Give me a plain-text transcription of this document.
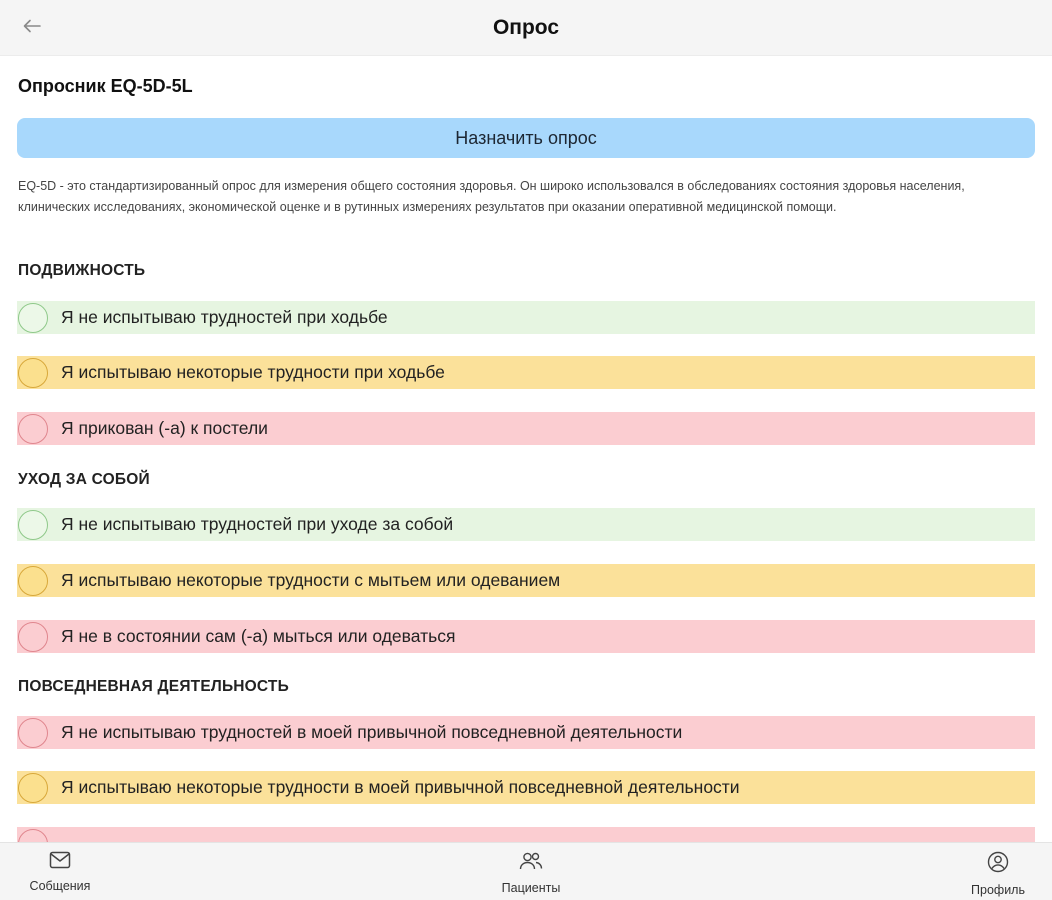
Опрос
Опросник EQ-5D-5L
Назначить опрос
EQ-5D - это стандартизированный опрос для измерения общего состояния здоровья. Он широко использовался в обследованиях состояния здоровья населения, клинических исследованиях, экономической оценке и в рутинных измерениях результатов при оказании оперативной медицинской помощи.
ПОДВИЖНОСТЬ
Я не испытываю трудностей при ходьбе
Я испытываю некоторые трудности при ходьбе
Я прикован (-а) к постели
УХОД ЗА СОБОЙ
Я не испытываю трудностей при уходе за собой
Я испытываю некоторые трудности с мытьем или одеванием
Я не в состоянии сам (-а) мыться или одеваться
ПОВСЕДНЕВНАЯ ДЕЯТЕЛЬНОСТЬ
Я не испытываю трудностей в моей привычной повседневной деятельности
Я испытываю некоторые трудности в моей привычной повседневной деятельности
Собщения	Пациенты	Профиль
